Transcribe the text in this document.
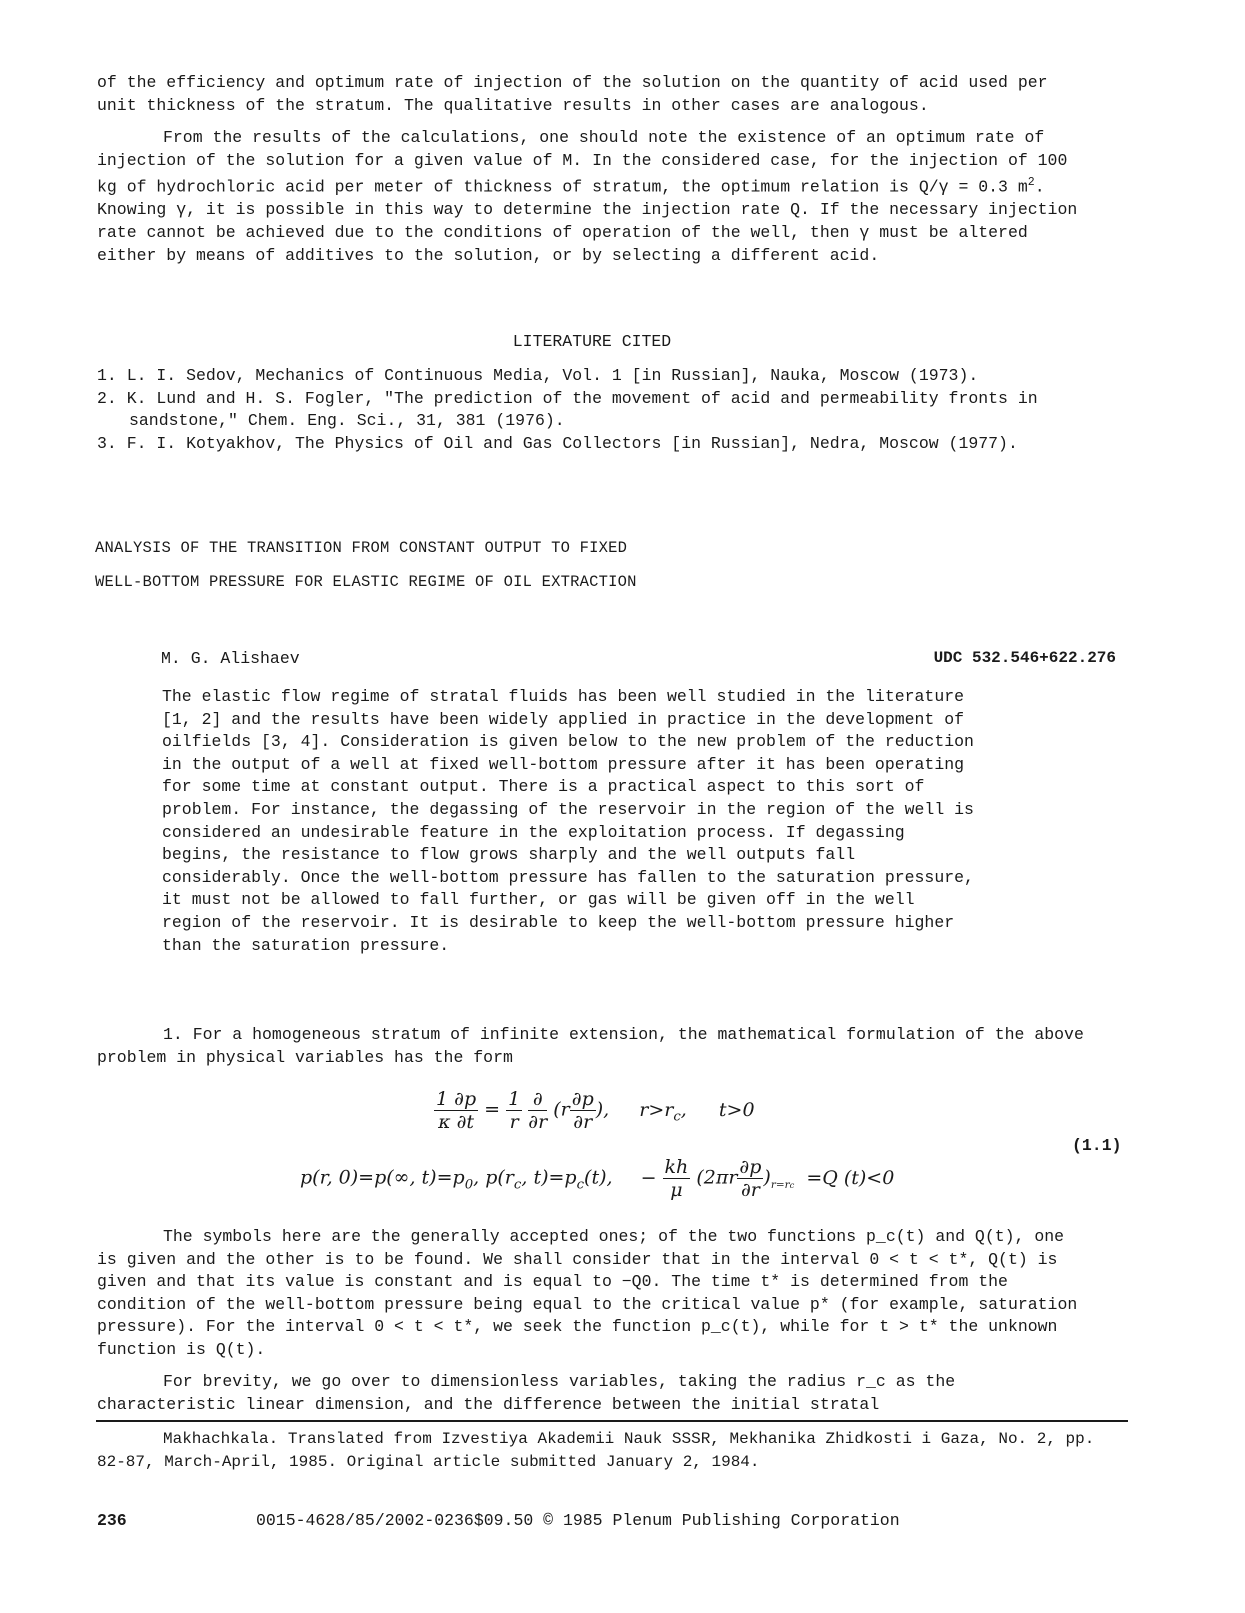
of the efficiency and optimum rate of injection of the solution on the quantity of acid used per unit thickness of the stratum. The qualitative results in other cases are analogous.

From the results of the calculations, one should note the existence of an optimum rate of injection of the solution for a given value of M. In the considered case, for the injection of 100 kg of hydrochloric acid per meter of thickness of stratum, the optimum relation is Q/γ = 0.3 $m^2$. Knowing γ, it is possible in this way to determine the injection rate Q. If the necessary injection rate cannot be achieved due to the conditions of operation of the well, then γ must be altered either by means of additives to the solution, or by selecting a different acid.

LITERATURE CITED
1. L. I. Sedov, Mechanics of Continuous Media, Vol. 1 [in Russian], Nauka, Moscow (1973).
2. K. Lund and H. S. Fogler, "The prediction of the movement of acid and permeability fronts in sandstone," Chem. Eng. Sci., 31, 381 (1976).
3. F. I. Kotyakhov, The Physics of Oil and Gas Collectors [in Russian], Nedra, Moscow (1977).
ANALYSIS OF THE TRANSITION FROM CONSTANT OUTPUT TO FIXED
WELL-BOTTOM PRESSURE FOR ELASTIC REGIME OF OIL EXTRACTION
M. G. Alishaev	UDC 532.546+622.276

The elastic flow regime of stratal fluids has been well studied in the literature [1, 2] and the results have been widely applied in practice in the development of oilfields [3, 4]. Consideration is given below to the new problem of the reduction in the output of a well at fixed well-bottom pressure after it has been operating for some time at constant output. There is a practical aspect to this sort of problem. For instance, the degassing of the reservoir in the region of the well is considered an undesirable feature in the exploitation process. If degassing begins, the resistance to flow grows sharply and the well outputs fall considerably. Once the well-bottom pressure has fallen to the saturation pressure, it must not be allowed to fall further, or gas will be given off in the well region of the reservoir. It is desirable to keep the well-bottom pressure higher than the saturation pressure.

1. For a homogeneous stratum of infinite extension, the mathematical formulation of the above problem in physical variables has the form
$\frac{1 \partial p}{\kappa \partial t} = \frac{1}{r}$
$\frac{\partial}{\partial r} (r \frac{\partial p}{\partial r}$ ), $r>r_c$, t>0
(1.1)
p(r, 0)=p(∞, $t)=p_0$, $p(r_c$, $t)=p_c(t)$, − $\frac{kh}{\mu} (2\pi r \frac{\partial p}{\partial r} )_{r=rc} =Q$ (t)<0
The symbols here are the generally accepted ones; of the two functions p_c(t) and Q(t), one is given and the other is to be found. We shall consider that in the interval 0 < t < t*, Q(t) is given and that its value is constant and is equal to −Q0. The time t* is determined from the condition of the well-bottom pressure being equal to the critical value p* (for example, saturation pressure). For the interval 0 < t < t*, we seek the function p_c(t), while for t > t* the unknown function is Q(t).
For brevity, we go over to dimensionless variables, taking the radius r_c as the characteristic linear dimension, and the difference between the initial stratal

Makhachkala. Translated from Izvestiya Akademii Nauk SSSR, Mekhanika Zhidkosti i Gaza, No. 2, pp. 82-87, March-April, 1985. Original article submitted January 2, 1984.

236	0015-4628/85/2002-0236$09.50 © 1985 Plenum Publishing Corporation
